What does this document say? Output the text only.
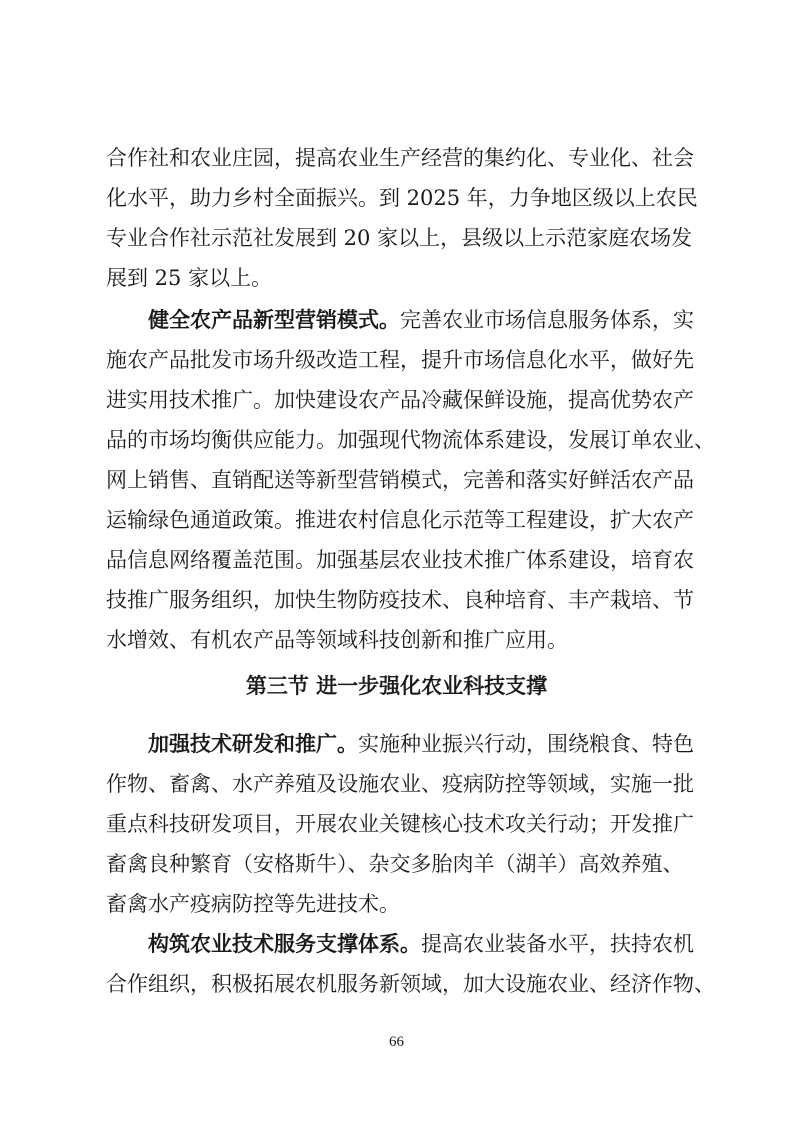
合作社和农业庄园，提高农业生产经营的集约化、专业化、社会

化水平，助力乡村全面振兴。到 2025 年，力争地区级以上农民

专业合作社示范社发展到 20 家以上，县级以上示范家庭农场发

展到 25 家以上。

健全农产品新型营销模式。 完善农业市场信息服务体系，实

施农产品批发市场升级改造工程，提升市场信息化水平，做好先

进实用技术推广。加快建设农产品冷藏保鲜设施，提高优势农产

品的市场均衡供应能力。加强现代物流体系建设，发展订单农业、

网上销售、直销配送等新型营销模式，完善和落实好鲜活农产品

运输绿色通道政策。推进农村信息化示范等工程建设，扩大农产

品信息网络覆盖范围。加强基层农业技术推广体系建设，培育农

技推广服务组织，加快生物防疫技术、良种培育、丰产栽培、节

水增效、有机农产品等领域科技创新和推广应用。

第三节 进一步强化农业科技支撑

加强技术研发和推广。 实施种业振兴行动，围绕粮食、特色

作物、畜禽、水产养殖及设施农业、疫病防控等领域，实施一批

重点科技研发项目，开展农业关键核心技术攻关行动；开发推广

畜禽良种繁育（安格斯牛）、杂交多胎肉羊（湖羊）高效养殖、

畜禽水产疫病防控等先进技术。

构筑农业技术服务支撑体系。 提高农业装备水平，扶持农机

合作组织，积极拓展农机服务新领域，加大设施农业、经济作物、

66
